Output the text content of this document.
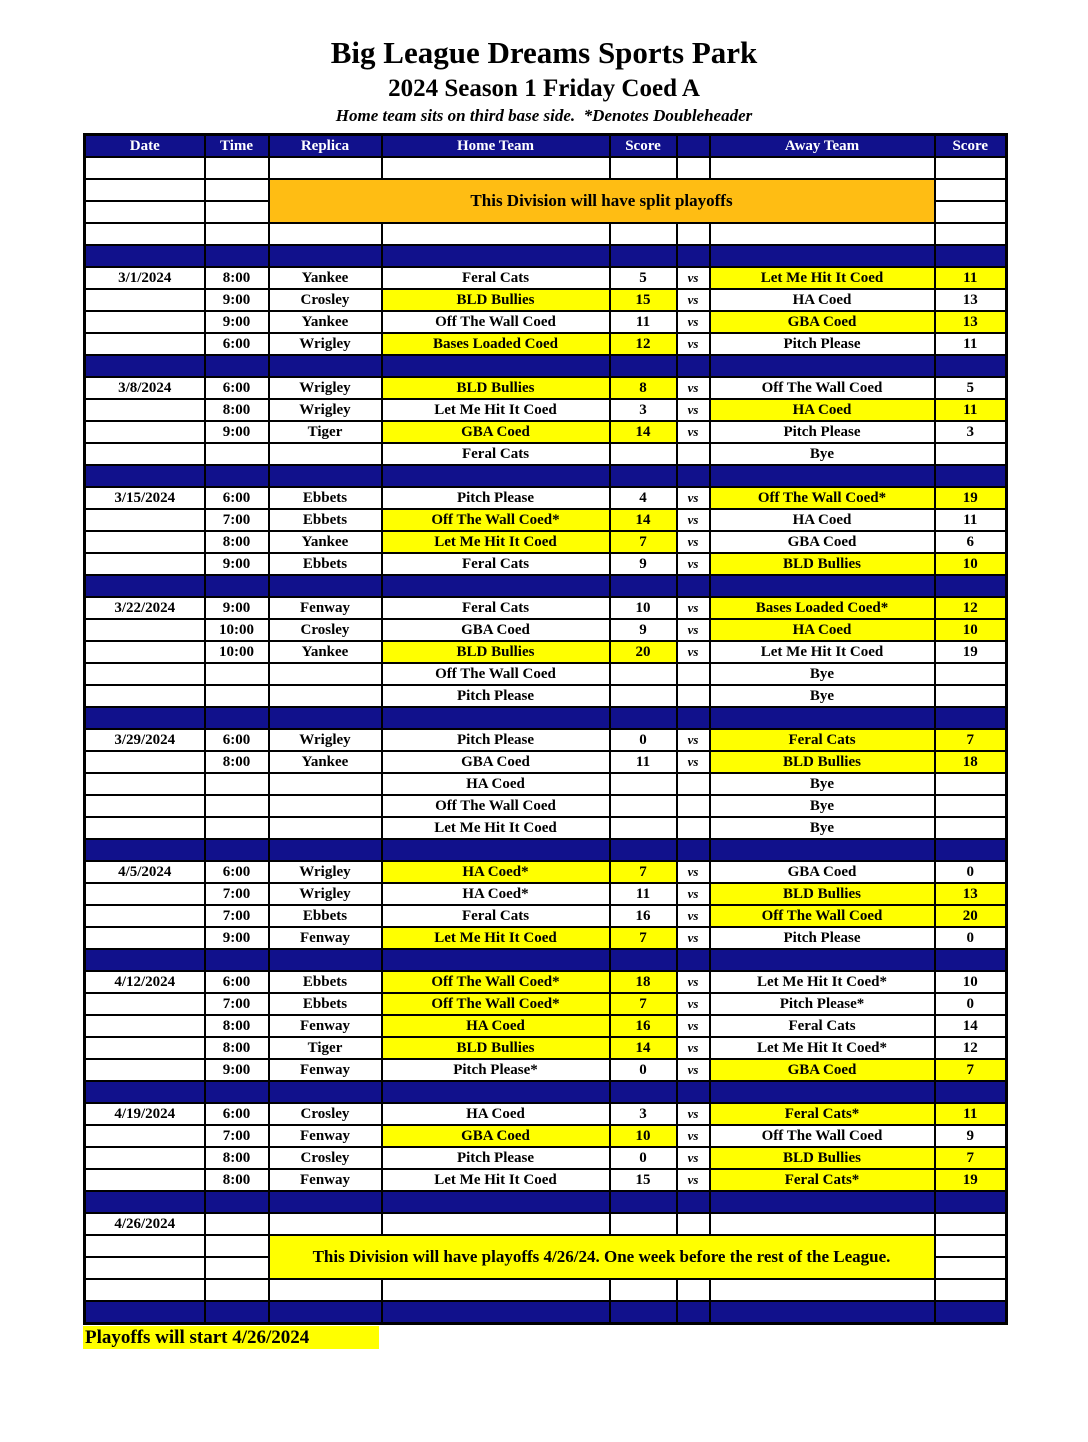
Big League Dreams Sports Park
2024 Season 1 Friday Coed A
Home team sits on third base side.  *Denotes Doubleheader
Date	Time	Replica	Home Team	Score		Away Team	Score

		This Division will have split playoffs					

3/1/2024	8:00	Yankee	Feral Cats	5	vs	Let Me Hit It Coed	11
	9:00	Crosley	BLD Bullies	15	vs	HA Coed	13
	9:00	Yankee	Off The Wall Coed	11	vs	GBA Coed	13
	6:00	Wrigley	Bases Loaded Coed	12	vs	Pitch Please	11

3/8/2024	6:00	Wrigley	BLD Bullies	8	vs	Off The Wall Coed	5
	8:00	Wrigley	Let Me Hit It Coed	3	vs	HA Coed	11
	9:00	Tiger	GBA Coed	14	vs	Pitch Please	3
			Feral Cats			Bye	

3/15/2024	6:00	Ebbets	Pitch Please	4	vs	Off The Wall Coed*	19
	7:00	Ebbets	Off The Wall Coed*	14	vs	HA Coed	11
	8:00	Yankee	Let Me Hit It Coed	7	vs	GBA Coed	6
	9:00	Ebbets	Feral Cats	9	vs	BLD Bullies	10

3/22/2024	9:00	Fenway	Feral Cats	10	vs	Bases Loaded Coed*	12
	10:00	Crosley	GBA Coed	9	vs	HA Coed	10
	10:00	Yankee	BLD Bullies	20	vs	Let Me Hit It Coed	19
			Off The Wall Coed			Bye	
			Pitch Please			Bye	

3/29/2024	6:00	Wrigley	Pitch Please	0	vs	Feral Cats	7
	8:00	Yankee	GBA Coed	11	vs	BLD Bullies	18
			HA Coed			Bye	
			Off The Wall Coed			Bye	
			Let Me Hit It Coed			Bye	

4/5/2024	6:00	Wrigley	HA Coed*	7	vs	GBA Coed	0
	7:00	Wrigley	HA Coed*	11	vs	BLD Bullies	13
	7:00	Ebbets	Feral Cats	16	vs	Off The Wall Coed	20
	9:00	Fenway	Let Me Hit It Coed	7	vs	Pitch Please	0

4/12/2024	6:00	Ebbets	Off The Wall Coed*	18	vs	Let Me Hit It Coed*	10
	7:00	Ebbets	Off The Wall Coed*	7	vs	Pitch Please*	0
	8:00	Fenway	HA Coed	16	vs	Feral Cats	14
	8:00	Tiger	BLD Bullies	14	vs	Let Me Hit It Coed*	12
	9:00	Fenway	Pitch Please*	0	vs	GBA Coed	7

4/19/2024	6:00	Crosley	HA Coed	3	vs	Feral Cats*	11
	7:00	Fenway	GBA Coed	10	vs	Off The Wall Coed	9
	8:00	Crosley	Pitch Please	0	vs	BLD Bullies	7
	8:00	Fenway	Let Me Hit It Coed	15	vs	Feral Cats*	19

4/26/2024							
		This Division will have playoffs 4/26/24. One week before the rest of the League.					

Playoffs will start 4/26/2024
